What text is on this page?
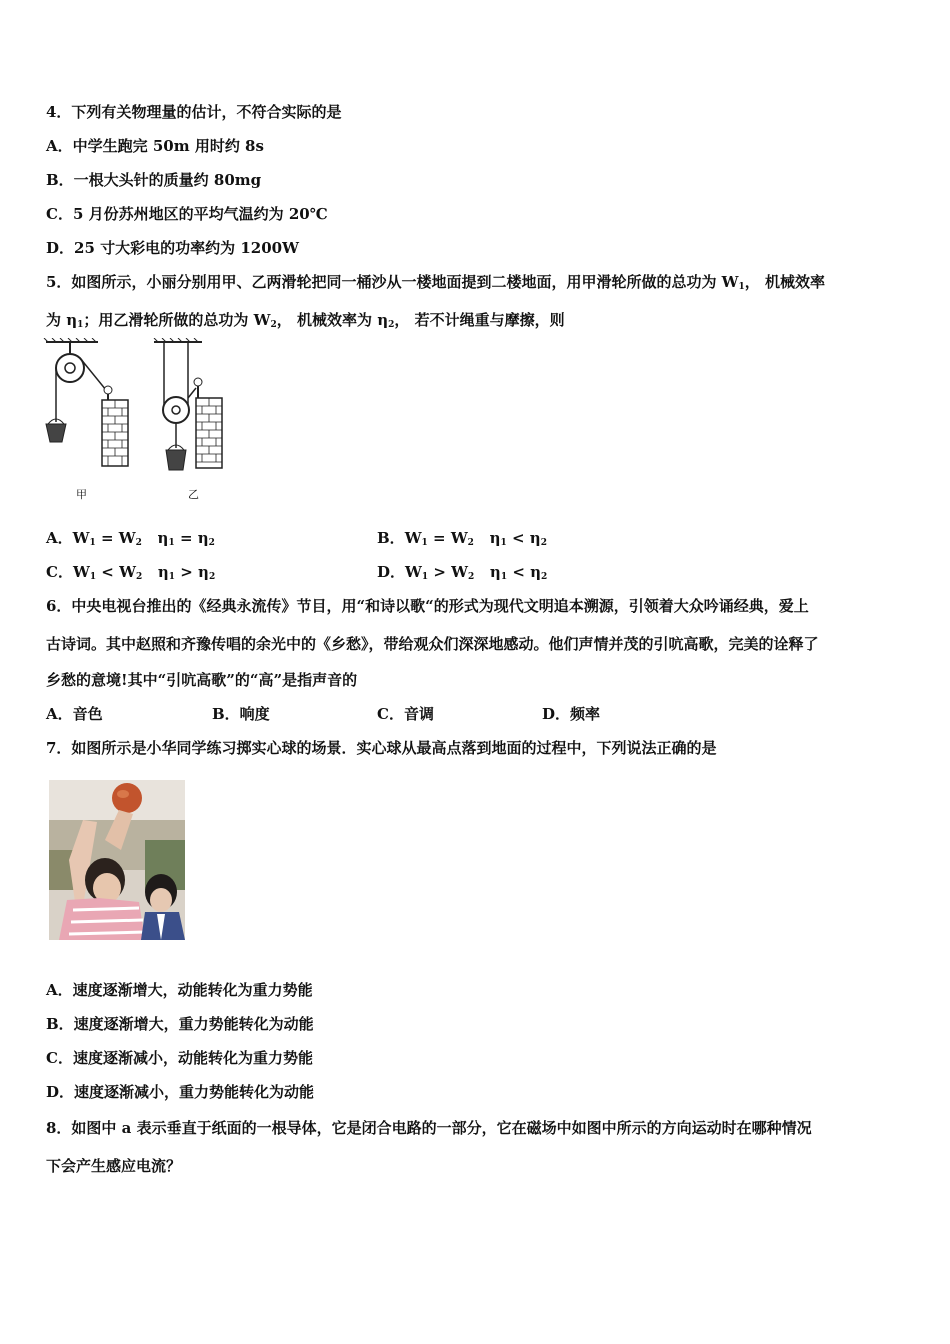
4．下列有关物理量的估计，不符合实际的是
A．中学生跑完 50m 用时约 8s
B．一根大头针的质量约 80mg
C．5 月份苏州地区的平均气温约为 20℃
D．25 寸大彩电的功率约为 1200W
5．如图所示，小丽分别用甲、乙两滑轮把同一桶沙从一楼地面提到二楼地面，用甲滑轮所做的总功为 $W_1$， 机械效率
为 $\eta_1$；用乙滑轮所做的总功为 $W_2$， 机械效率为 $\eta_2$， 若不计绳重与摩擦，则
甲	乙
A．$W_1 = W_2$   $\eta_1 = \eta_2$	B．$W_1 = W_2$   $\eta_1 < \eta_2$
C．$W_1 < W_2$   $\eta_1 > \eta_2$	D．$W_1 > W_2$   $\eta_1 < \eta_2$
6．中央电视台推出的《经典永流传》节目，用“和诗以歌“的形式为现代文明追本溯源，引领着大众吟诵经典，爱上
古诗词。其中赵照和齐豫传唱的余光中的《乡愁》，带给观众们深深地感动。他们声情并茂的引吭高歌，完美的诠释了
乡愁的意境!其中“引吭高歌”的“高”是指声音的
A．音色	B．响度	C．音调	D．频率
7．如图所示是小华同学练习掷实心球的场景．实心球从最高点落到地面的过程中，下列说法正确的是
A．速度逐渐增大，动能转化为重力势能
B．速度逐渐增大，重力势能转化为动能
C．速度逐渐减小，动能转化为重力势能
D．速度逐渐减小，重力势能转化为动能
8．如图中 a 表示垂直于纸面的一根导体，它是闭合电路的一部分，它在磁场中如图中所示的方向运动时在哪种情况
下会产生感应电流？
